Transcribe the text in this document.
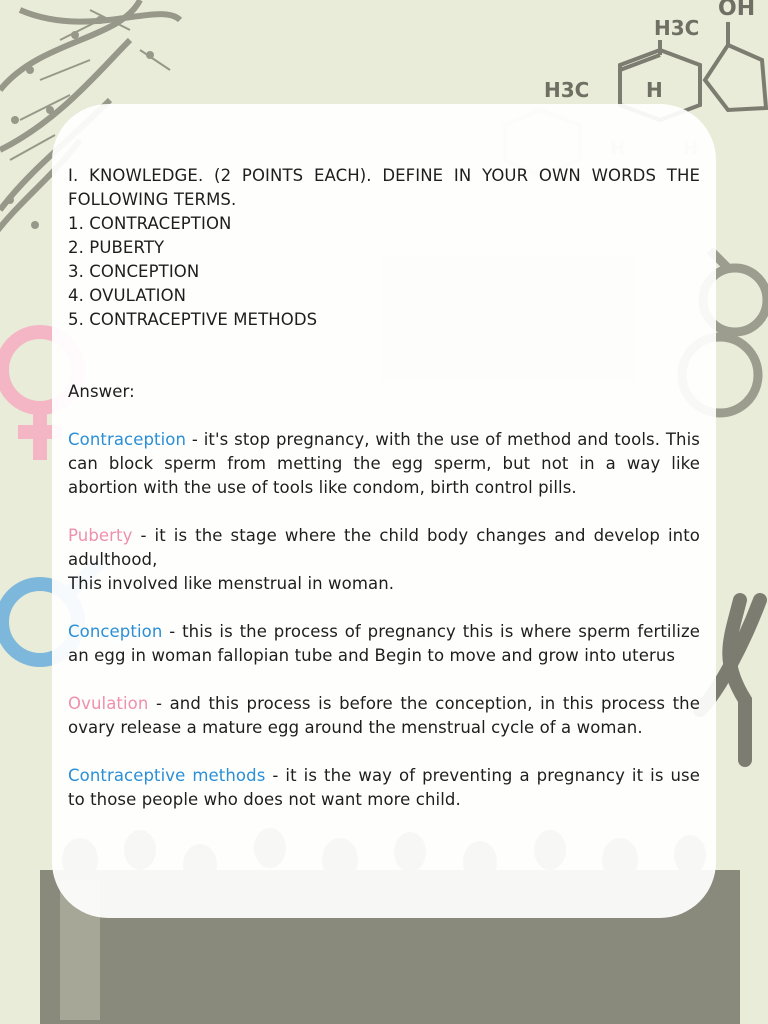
OH
H3C
H3C	H

I. KNOWLEDGE. (2 POINTS EACH). DEFINE IN YOUR OWN WORDS THE FOLLOWING TERMS.

1. CONTRACEPTION

2. PUBERTY

3. CONCEPTION

4. OVULATION

5. CONTRACEPTIVE METHODS

Answer:

Contraception - it's stop pregnancy, with the use of method and tools. This can block sperm from metting the egg sperm, but not in a way like abortion with the use of tools like condom, birth control pills.

Puberty - it is the stage where the child body changes and develop into adulthood,

This involved like menstrual in woman.

Conception - this is the process of pregnancy this is where sperm fertilize an egg in woman fallopian tube and Begin to move and grow into uterus

Ovulation - and this process is before the conception, in this process the ovary release a mature egg around the menstrual cycle of a woman.

Contraceptive methods - it is the way of preventing a pregnancy it is use to those people who does not want more child.
